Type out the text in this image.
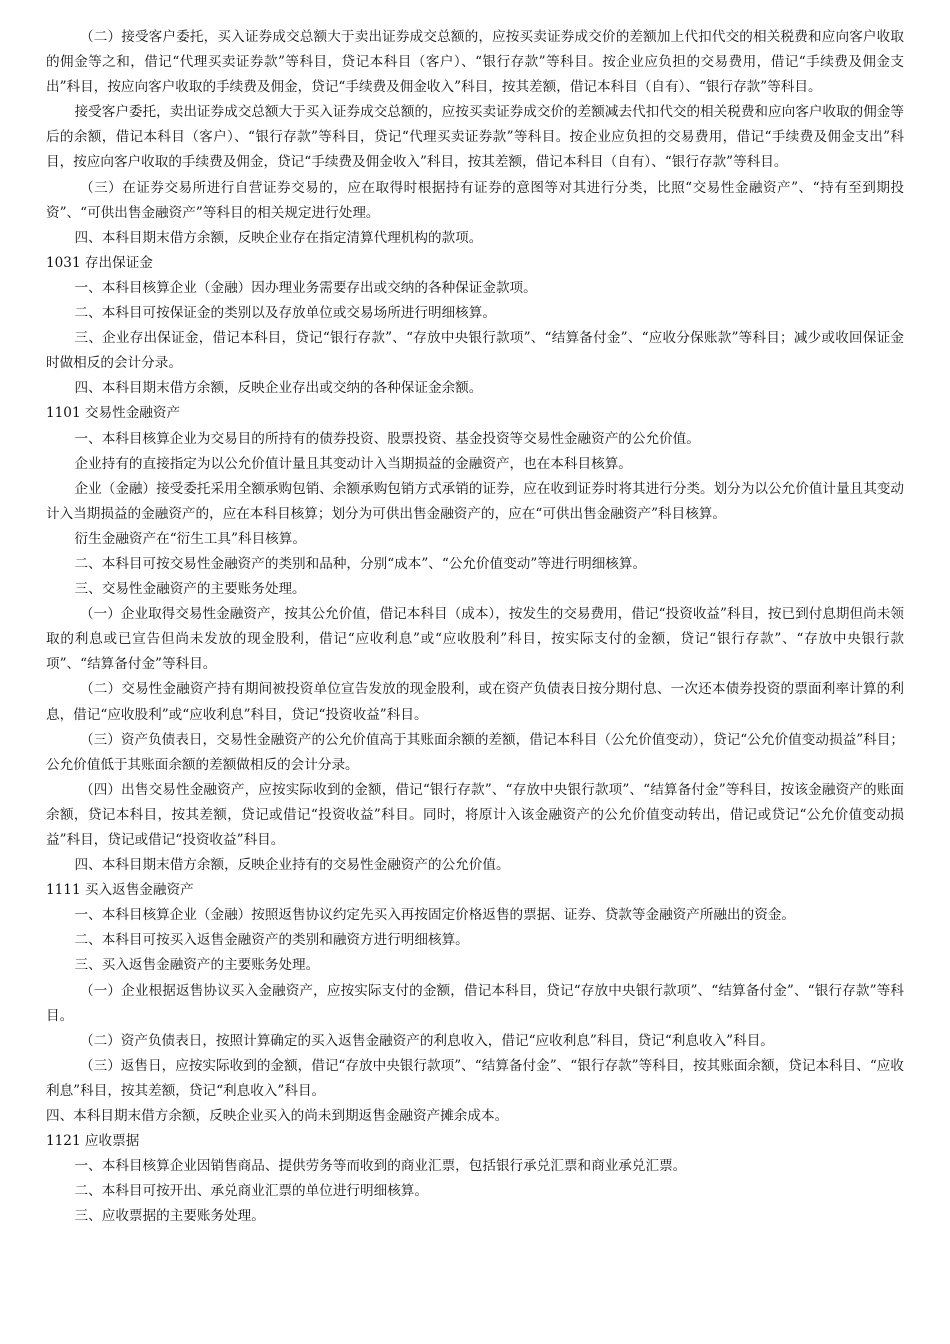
（二）接受客户委托，买入证券成交总额大于卖出证券成交总额的，应按买卖证券成交价的差额加上代扣代交的相关税费和应向客户收取的佣金等之和，借记“代理买卖证券款”等科目，贷记本科目（客户）、“银行存款”等科目。按企业应负担的交易费用，借记“手续费及佣金支出”科目，按应向客户收取的手续费及佣金，贷记“手续费及佣金收入”科目，按其差额，借记本科目（自有）、“银行存款”等科目。

接受客户委托，卖出证券成交总额大于买入证券成交总额的，应按买卖证券成交价的差额减去代扣代交的相关税费和应向客户收取的佣金等后的余额，借记本科目（客户）、“银行存款”等科目，贷记“代理买卖证券款”等科目。按企业应负担的交易费用，借记“手续费及佣金支出”科目，按应向客户收取的手续费及佣金，贷记“手续费及佣金收入”科目，按其差额，借记本科目（自有）、“银行存款”等科目。

（三）在证券交易所进行自营证券交易的，应在取得时根据持有证券的意图等对其进行分类，比照“交易性金融资产”、“持有至到期投资”、“可供出售金融资产”等科目的相关规定进行处理。

四、本科目期末借方余额，反映企业存在指定清算代理机构的款项。

1031 存出保证金

一、本科目核算企业（金融）因办理业务需要存出或交纳的各种保证金款项。

二、本科目可按保证金的类别以及存放单位或交易场所进行明细核算。

三、企业存出保证金，借记本科目，贷记“银行存款”、“存放中央银行款项”、“结算备付金”、“应收分保账款”等科目；减少或收回保证金时做相反的会计分录。

四、本科目期末借方余额，反映企业存出或交纳的各种保证金余额。

1101 交易性金融资产

一、本科目核算企业为交易目的所持有的债券投资、股票投资、基金投资等交易性金融资产的公允价值。

企业持有的直接指定为以公允价值计量且其变动计入当期损益的金融资产，也在本科目核算。

企业（金融）接受委托采用全额承购包销、余额承购包销方式承销的证券，应在收到证券时将其进行分类。划分为以公允价值计量且其变动计入当期损益的金融资产的，应在本科目核算；划分为可供出售金融资产的，应在“可供出售金融资产”科目核算。

衍生金融资产在“衍生工具”科目核算。

二、本科目可按交易性金融资产的类别和品种，分别“成本”、“公允价值变动”等进行明细核算。

三、交易性金融资产的主要账务处理。

（一）企业取得交易性金融资产，按其公允价值，借记本科目（成本），按发生的交易费用，借记“投资收益”科目，按已到付息期但尚未领取的利息或已宣告但尚未发放的现金股利，借记“应收利息”或“应收股利”科目，按实际支付的金额，贷记“银行存款”、“存放中央银行款项”、“结算备付金”等科目。

（二）交易性金融资产持有期间被投资单位宣告发放的现金股利，或在资产负债表日按分期付息、一次还本债券投资的票面利率计算的利息，借记“应收股利”或“应收利息”科目，贷记“投资收益”科目。

（三）资产负债表日，交易性金融资产的公允价值高于其账面余额的差额，借记本科目（公允价值变动），贷记“公允价值变动损益”科目；公允价值低于其账面余额的差额做相反的会计分录。

（四）出售交易性金融资产，应按实际收到的金额，借记“银行存款”、“存放中央银行款项”、“结算备付金”等科目，按该金融资产的账面余额，贷记本科目，按其差额，贷记或借记“投资收益”科目。同时，将原计入该金融资产的公允价值变动转出，借记或贷记“公允价值变动损益”科目，贷记或借记“投资收益”科目。

四、本科目期末借方余额，反映企业持有的交易性金融资产的公允价值。

1111 买入返售金融资产

一、本科目核算企业（金融）按照返售协议约定先买入再按固定价格返售的票据、证券、贷款等金融资产所融出的资金。

二、本科目可按买入返售金融资产的类别和融资方进行明细核算。

三、买入返售金融资产的主要账务处理。

（一）企业根据返售协议买入金融资产，应按实际支付的金额，借记本科目，贷记“存放中央银行款项”、“结算备付金”、“银行存款”等科目。

（二）资产负债表日，按照计算确定的买入返售金融资产的利息收入，借记“应收利息”科目，贷记“利息收入”科目。

（三）返售日，应按实际收到的金额，借记“存放中央银行款项”、“结算备付金”、“银行存款”等科目，按其账面余额，贷记本科目、“应收利息”科目，按其差额，贷记“利息收入”科目。

四、本科目期末借方余额，反映企业买入的尚未到期返售金融资产摊余成本。

1121 应收票据

一、本科目核算企业因销售商品、提供劳务等而收到的商业汇票，包括银行承兑汇票和商业承兑汇票。

二、本科目可按开出、承兑商业汇票的单位进行明细核算。

三、应收票据的主要账务处理。
